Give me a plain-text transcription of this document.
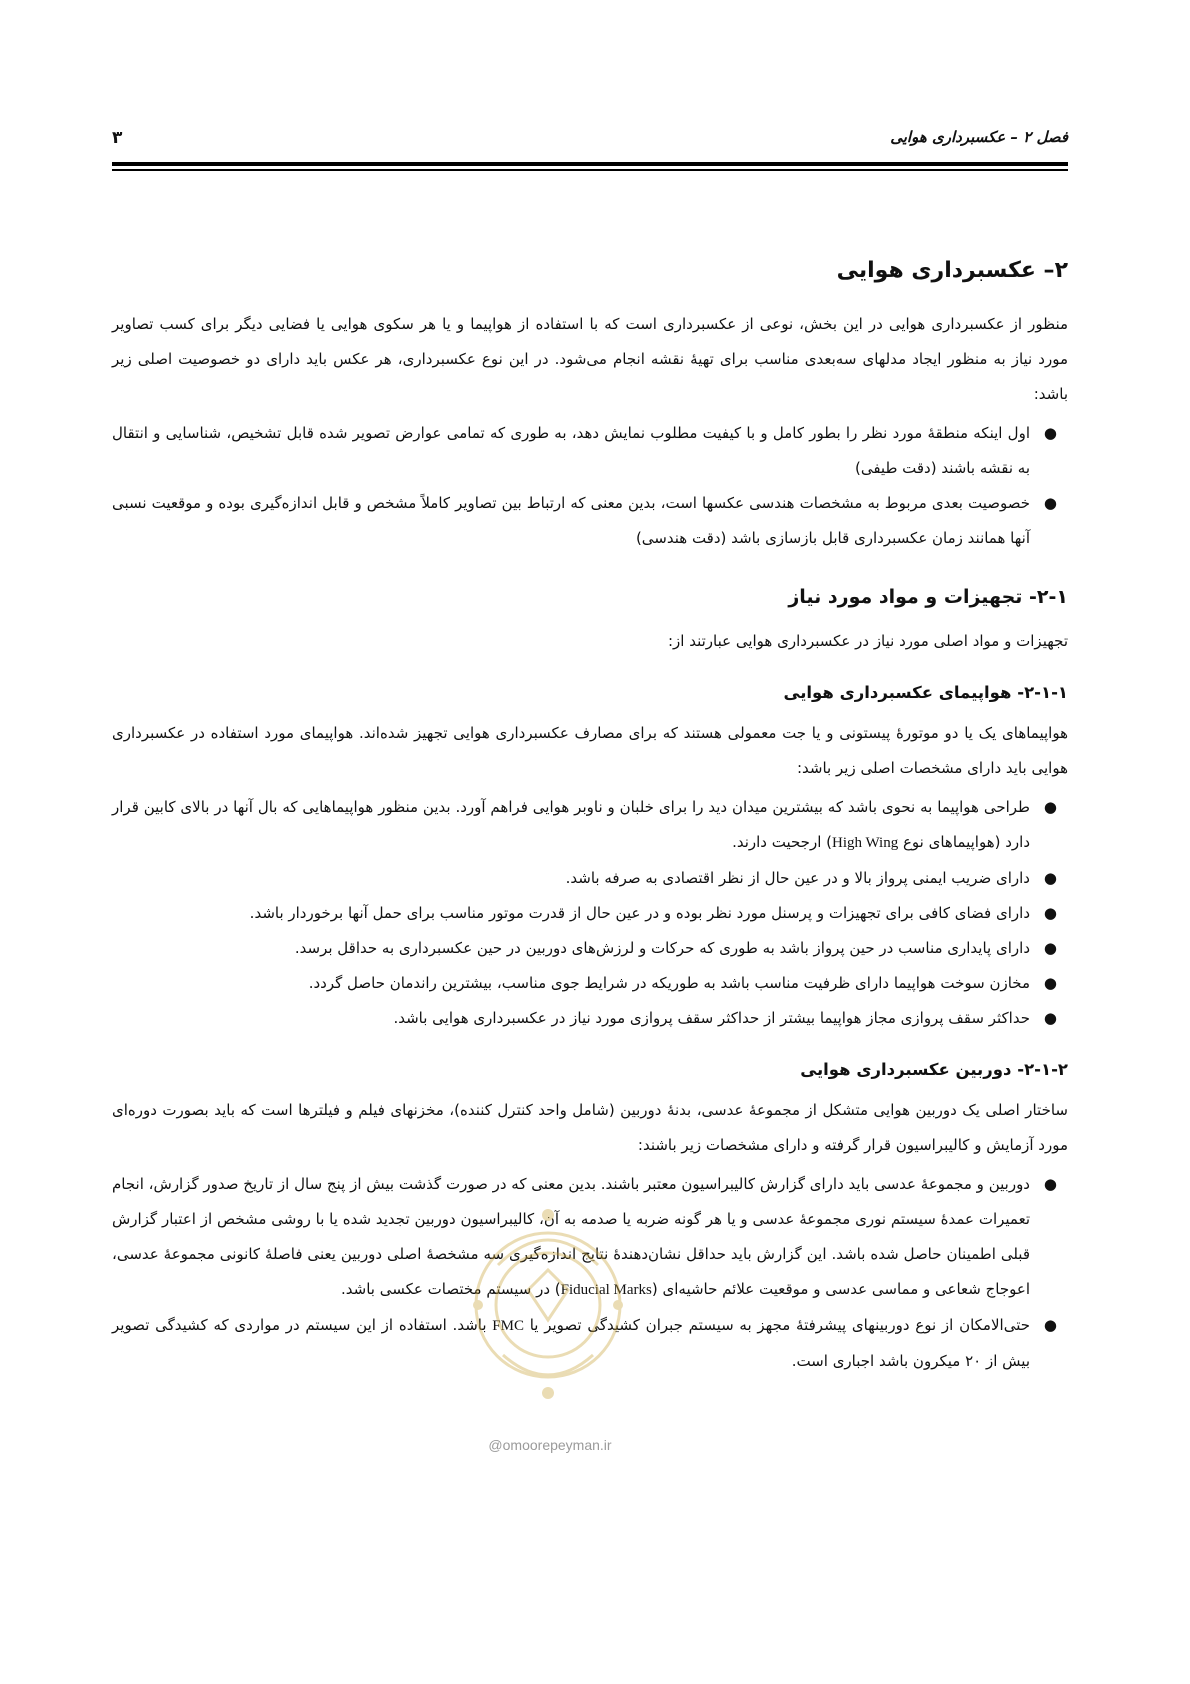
فصل ۲ – عکسبرداری هوایی
۳
۲– عکسبرداری هوایی

منظور از عکسبرداری هوایی در این بخش، نوعی از عکسبرداری است که با استفاده از هواپیما و یا هر سکوی هوایی یا فضایی دیگر برای کسب تصاویر مورد نیاز به منظور ایجاد مدلهای سه‌بعدی مناسب برای تهیهٔ نقشه انجام می‌شود. در این نوع عکسبرداری، هر عکس باید دارای دو خصوصیت اصلی زیر باشد:

●
اول اینکه منطقهٔ مورد نظر را بطور کامل و با کیفیت مطلوب نمایش دهد، به طوری که تمامی عوارض تصویر شده قابل تشخیص، شناسایی و انتقال به نقشه باشند (دقت طیفی)
●
خصوصیت بعدی مربوط به مشخصات هندسی عکسها است، بدین معنی که ارتباط بین تصاویر کاملاً مشخص و قابل اندازه‌گیری بوده و موقعیت نسبی آنها همانند زمان عکسبرداری قابل بازسازی باشد (دقت هندسی)
۲-۱- تجهیزات و مواد مورد نیاز

تجهیزات و مواد اصلی مورد نیاز در عکسبرداری هوایی عبارتند از:

۲-۱-۱- هواپیمای عکسبرداری هوایی

هواپیماهای یک یا دو موتورهٔ پیستونی و یا جت معمولی هستند که برای مصارف عکسبرداری هوایی تجهیز شده‌اند. هواپیمای مورد استفاده در عکسبرداری هوایی باید دارای مشخصات اصلی زیر باشد:

●
طراحی هواپیما به نحوی باشد که بیشترین میدان دید را برای خلبان و ناوبر هوایی فراهم آورد. بدین منظور هواپیماهایی که بال آنها در بالای کابین قرار دارد (هواپیماهای نوع High Wing) ارجحیت دارند.
●
دارای ضریب ایمنی پرواز بالا و در عین حال از نظر اقتصادی به صرفه باشد.
●
دارای فضای کافی برای تجهیزات و پرسنل مورد نظر بوده و در عین حال از قدرت موتور مناسب برای حمل آنها برخوردار باشد.
●
دارای پایداری مناسب در حین پرواز باشد به طوری که حرکات و لرزش‌های دوربین در حین عکسبرداری به حداقل برسد.
●
مخازن سوخت هواپیما دارای ظرفیت مناسب باشد به طوریکه در شرایط جوی مناسب، بیشترین راندمان حاصل گردد.
●
حداکثر سقف پروازی مجاز هواپیما بیشتر از حداکثر سقف پروازی مورد نیاز در عکسبرداری هوایی باشد.
۲-۱-۲- دوربین عکسبرداری هوایی

ساختار اصلی یک دوربین هوایی متشکل از مجموعهٔ عدسی، بدنهٔ دوربین (شامل واحد کنترل کننده)، مخزنهای فیلم و فیلترها است که باید بصورت دوره‌ای مورد آزمایش و کالیبراسیون قرار گرفته و دارای مشخصات زیر باشند:

●
دوربین و مجموعهٔ عدسی باید دارای گزارش کالیبراسیون معتبر باشند. بدین معنی که در صورت گذشت بیش از پنج سال از تاریخ صدور گزارش، انجام تعمیرات عمدهٔ سیستم نوری مجموعهٔ عدسی و یا هر گونه ضربه یا صدمه به آن، کالیبراسیون دوربین تجدید شده یا با روشی مشخص از اعتبار گزارش قبلی اطمینان حاصل شده باشد. این گزارش باید حداقل نشان‌دهندهٔ نتایج اندازه‌گیری سه مشخصهٔ اصلی دوربین یعنی فاصلهٔ کانونی مجموعهٔ عدسی، اعوجاج شعاعی و مماسی عدسی و موقعیت علائم حاشیه‌ای (Fiducial Marks) در سیستم مختصات عکسی باشد.
●
حتی‌الامکان از نوع دوربینهای پیشرفتهٔ مجهز به سیستم جبران کشیدگی تصویر یا FMC باشد. استفاده از این سیستم در مواردی که کشیدگی تصویر بیش از ۲۰ میکرون باشد اجباری است.
@omoorepeyman.ir
